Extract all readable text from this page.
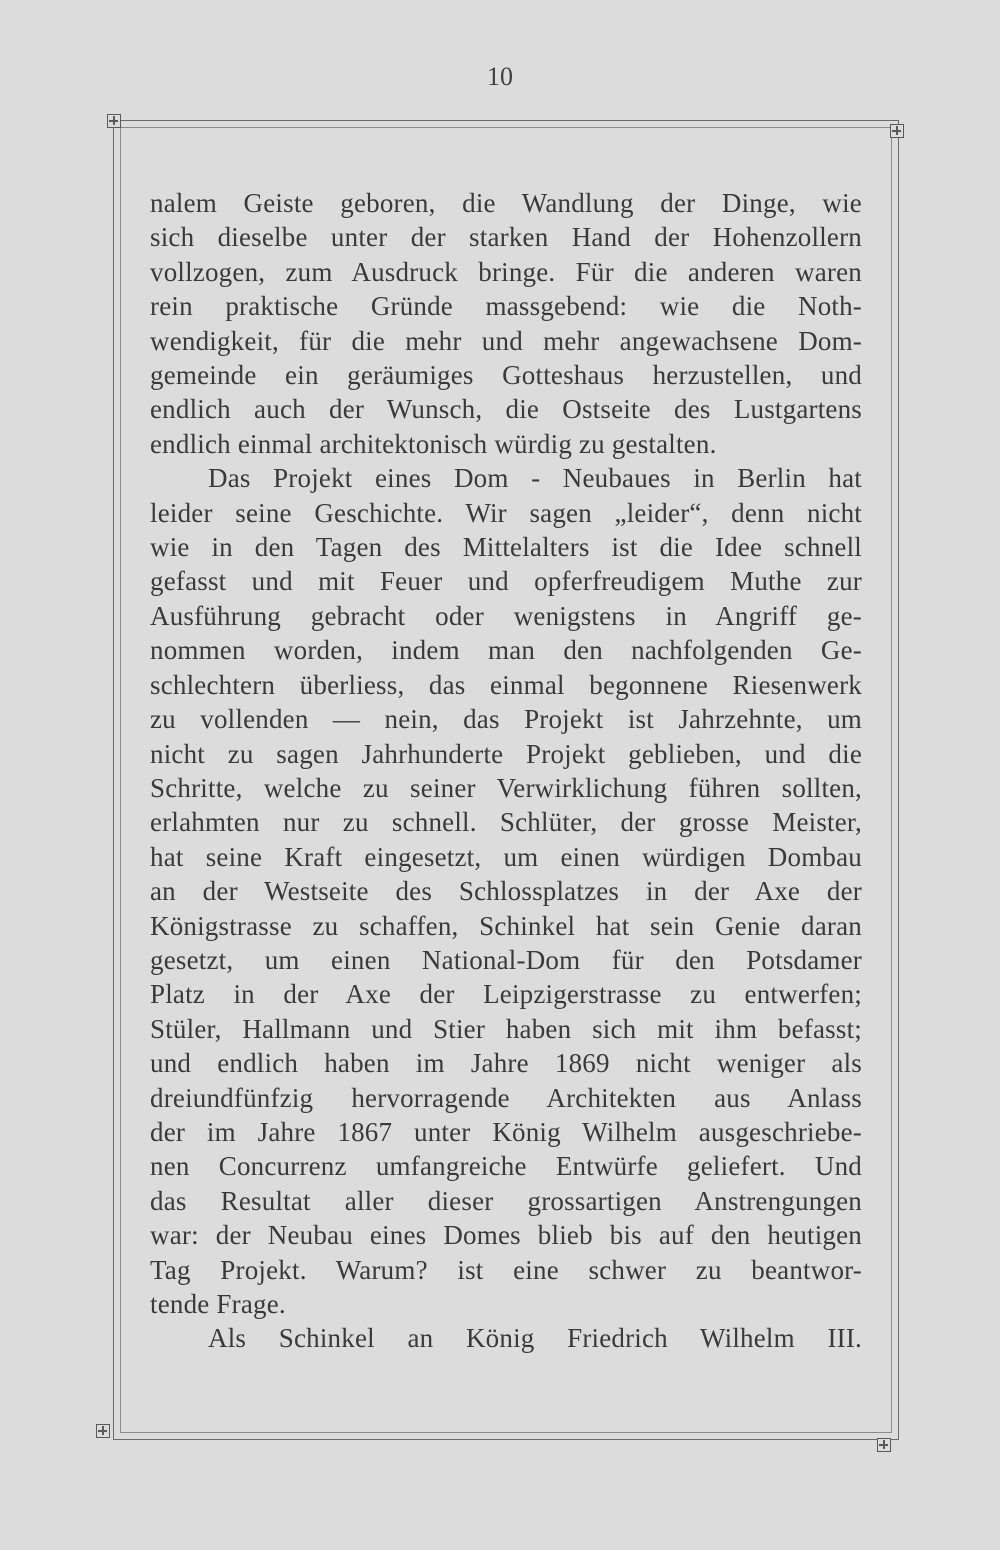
10
nalem Geiste geboren, die Wandlung der Dinge, wie
sich dieselbe unter der starken Hand der Hohenzollern
vollzogen, zum Ausdruck bringe. Für die anderen waren
rein praktische Gründe massgebend: wie die Noth-
wendigkeit, für die mehr und mehr angewachsene Dom-
gemeinde ein geräumiges Gotteshaus herzustellen, und
endlich auch der Wunsch, die Ostseite des Lustgartens
endlich einmal architektonisch würdig zu gestalten.
Das Projekt eines Dom - Neubaues in Berlin hat
leider seine Geschichte. Wir sagen „leider“, denn nicht
wie in den Tagen des Mittelalters ist die Idee schnell
gefasst und mit Feuer und opferfreudigem Muthe zur
Ausführung gebracht oder wenigstens in Angriff ge-
nommen worden, indem man den nachfolgenden Ge-
schlechtern überliess, das einmal begonnene Riesenwerk
zu vollenden — nein, das Projekt ist Jahrzehnte, um
nicht zu sagen Jahrhunderte Projekt geblieben, und die
Schritte, welche zu seiner Verwirklichung führen sollten,
erlahmten nur zu schnell. Schlüter, der grosse Meister,
hat seine Kraft eingesetzt, um einen würdigen Dombau
an der Westseite des Schlossplatzes in der Axe der
Königstrasse zu schaffen, Schinkel hat sein Genie daran
gesetzt, um einen National-Dom für den Potsdamer
Platz in der Axe der Leipzigerstrasse zu entwerfen;
Stüler, Hallmann und Stier haben sich mit ihm befasst;
und endlich haben im Jahre 1869 nicht weniger als
dreiundfünfzig hervorragende Architekten aus Anlass
der im Jahre 1867 unter König Wilhelm ausgeschriebe-
nen Concurrenz umfangreiche Entwürfe geliefert. Und
das Resultat aller dieser grossartigen Anstrengungen
war: der Neubau eines Domes blieb bis auf den heutigen
Tag Projekt. Warum? ist eine schwer zu beantwor-
tende Frage.
Als Schinkel an König Friedrich Wilhelm III.
